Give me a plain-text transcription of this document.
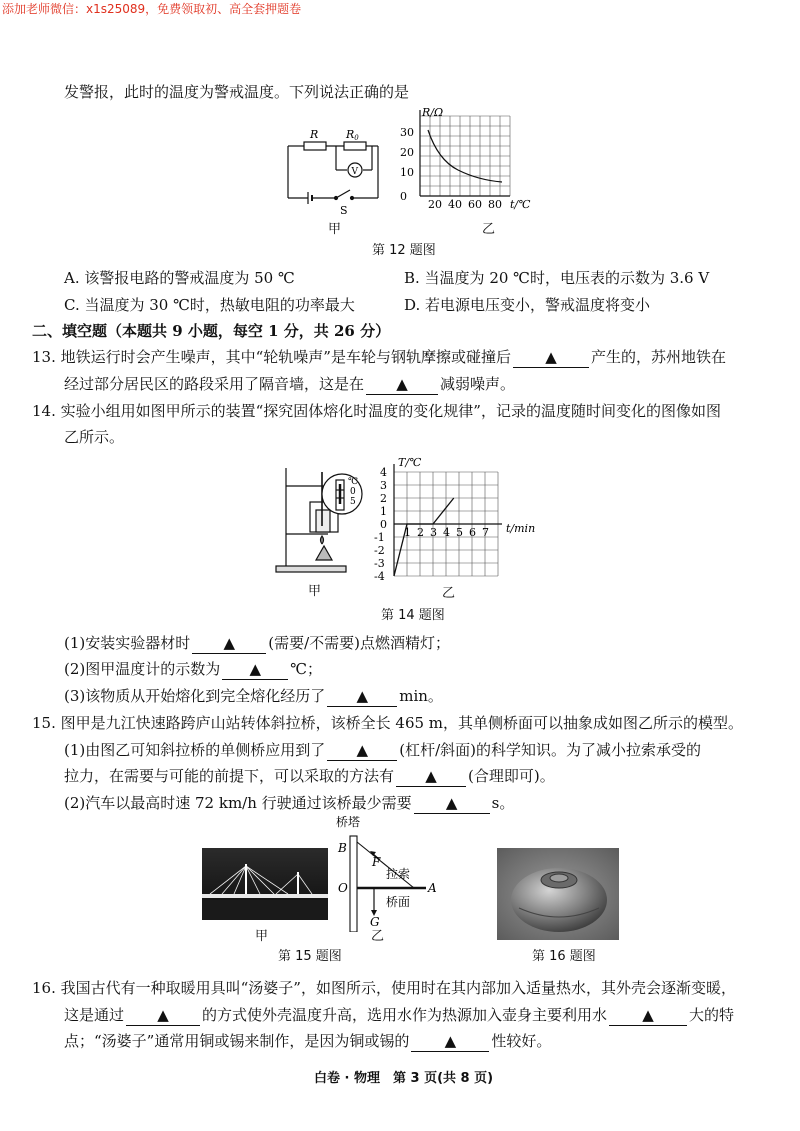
添加老师微信：x1s25089，免费领取初、高全套押题卷
发警报，此时的温度为警戒温度。下列说法正确的是
R	R0
V
S
甲
R/Ω
t/℃
30
20
10
0
20 40 60 80
乙
第 12 题图
A. 该警报电路的警戒温度为 50 ℃	B. 当温度为 20 ℃时，电压表的示数为 3.6 V
C. 当温度为 30 ℃时，热敏电阻的功率最大	D. 若电源电压变小，警戒温度将变小
二、填空题（本题共 9 小题，每空 1 分，共 26 分）
13. 地铁运行时会产生噪声，其中“轮轨噪声”是车轮与钢轨摩擦或碰撞后 ▲ 产生的，苏州地铁在
经过部分居民区的路段采用了隔音墙，这是在 ▲ 减弱噪声。
14. 实验小组用如图甲所示的装置“探究固体熔化时温度的变化规律”，记录的温度随时间变化的图像如图
乙所示。
℃
0
5
甲
T/℃
t/min
4
3
2
1
0
-1
-2
-3
-4
1 2 3 4 5 6 7
乙
第 14 题图
(1)安装实验器材时 ▲ (需要/不需要)点燃酒精灯；
(2)图甲温度计的示数为 ▲ ℃；
(3)该物质从开始熔化到完全熔化经历了 ▲ min。
15. 图甲是九江快速路跨庐山站转体斜拉桥，该桥全长 465 m，其单侧桥面可以抽象成如图乙所示的模型。
(1)由图乙可知斜拉桥的单侧桥应用到了 ▲ (杠杆/斜面)的科学知识。为了减小拉索承受的
拉力，在需要与可能的前提下，可以采取的方法有 ▲ (合理即可)。
(2)汽车以最高时速 72 km/h 行驶通过该桥最少需要 ▲ s。
甲
桥塔
B
F
拉索
O	A
桥面
G
乙
第 15 题图	第 16 题图
16. 我国古代有一种取暖用具叫“汤婆子”，如图所示，使用时在其内部加入适量热水，其外壳会逐渐变暖，
这是通过 ▲ 的方式使外壳温度升高，选用水作为热源加入壶身主要利用水 ▲ 大的特
点；“汤婆子”通常用铜或锡来制作，是因为铜或锡的 ▲ 性较好。
白卷 · 物理　第 3 页(共 8 页)
